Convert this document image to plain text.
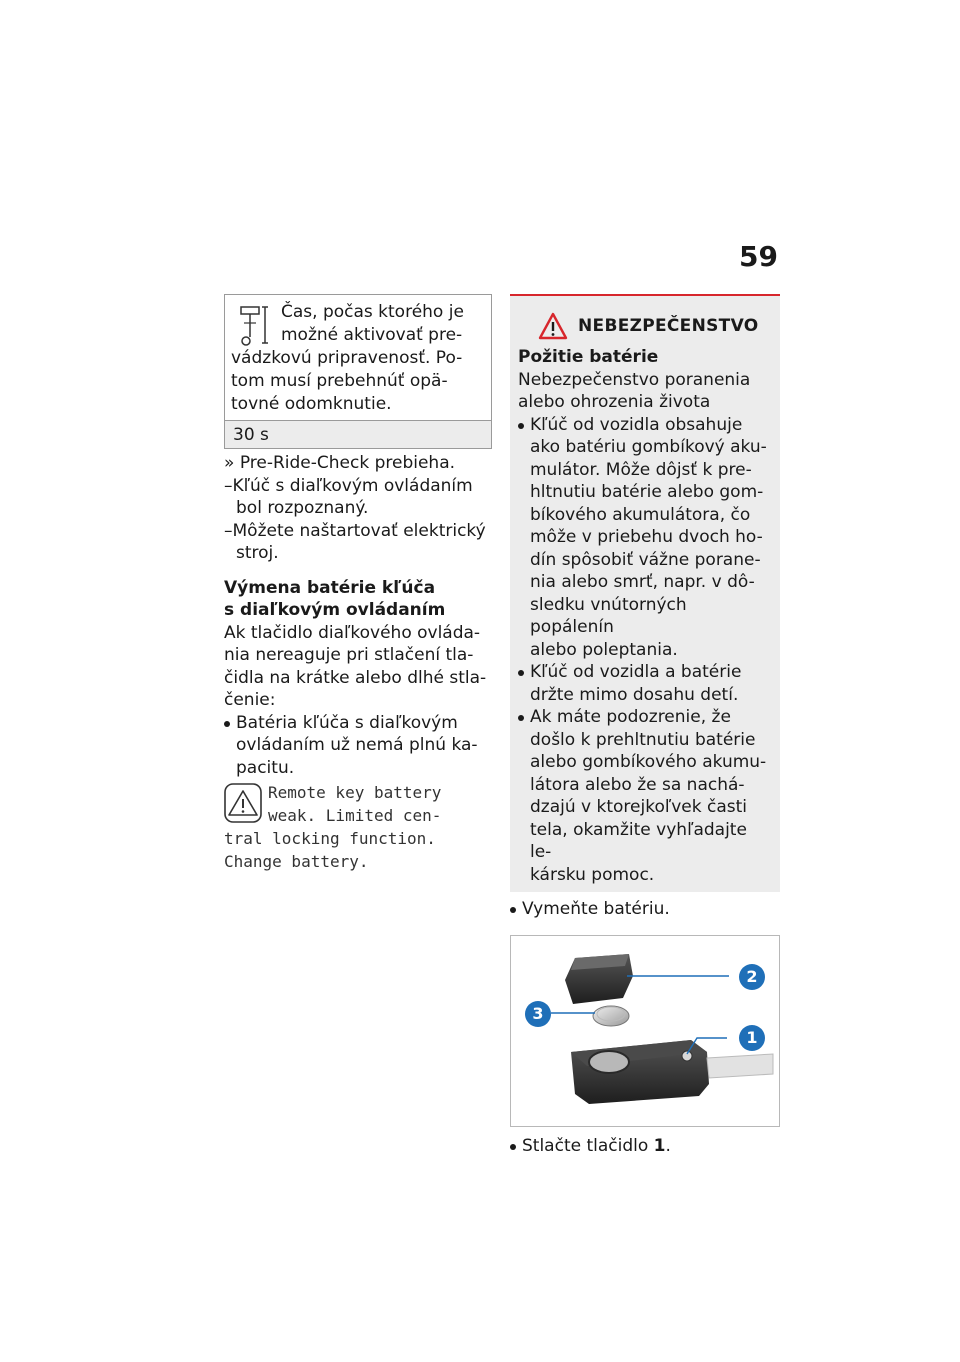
59
Čas, počas ktorého je možné aktivovať pre- vádzkovú pripravenosť. Po- tom musí prebehnúť opä- tovné odomknutie.
30 s
» Pre-Ride-Check prebieha.
–Kľúč s diaľkovým ovládaním
bol rozpoznaný.
–Môžete naštartovať elektrický
stroj.
Výmena batérie kľúča
s diaľkovým ovládaním
Ak tlačidlo diaľkového ovláda-
nia nereaguje pri stlačení tla-
čidla na krátke alebo dlhé stla-
čenie:
Batéria kľúča s diaľkovým
ovládaním už nemá plnú ka-
pacitu.
Remote key battery
weak. Limited cen-
tral locking function.
Change battery.
NEBEZPEČENSTVO
Požitie batérie
Nebezpečenstvo poranenia
alebo ohrozenia života
Kľúč od vozidla obsahuje
ako batériu gombíkový aku-
mulátor. Môže dôjsť k pre-
hltnutiu batérie alebo gom-
bíkového akumulátora, čo
môže v priebehu dvoch ho-
dín spôsobiť vážne porane-
nia alebo smrť, napr. v dô-
sledku vnútorných popálenín
alebo poleptania.
Kľúč od vozidla a batérie
držte mimo dosahu detí.
Ak máte podozrenie, že
došlo k prehltnutiu batérie
alebo gombíkového akumu-
látora alebo že sa nachá-
dzajú v ktorejkoľvek časti
tela, okamžite vyhľadajte le-
kársku pomoc.
Vymeňte batériu.
2
3
1
Stlačte tlačidlo 1.
